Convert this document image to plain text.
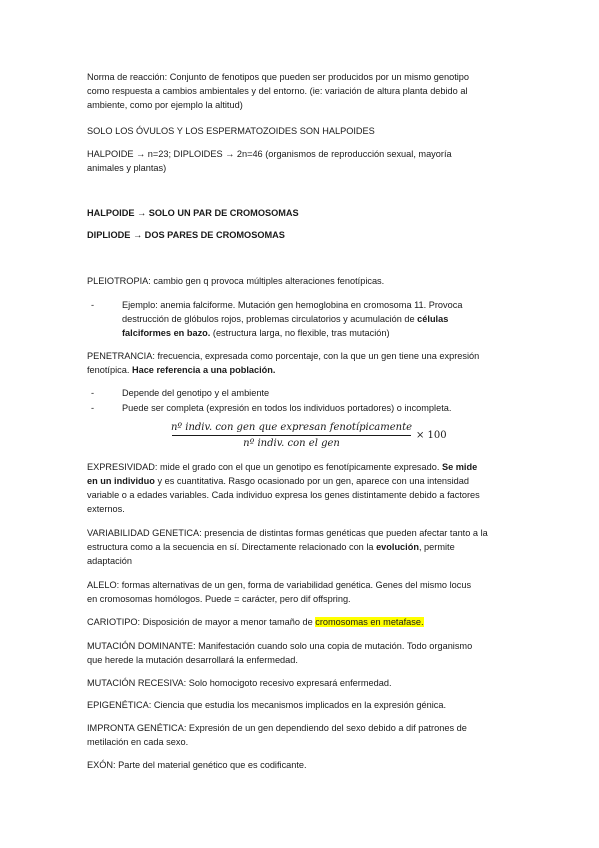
Norma de reacción: Conjunto de fenotipos que pueden ser producidos por un mismo genotipo
como respuesta a cambios ambientales y del entorno. (ie: variación de altura planta debido al
ambiente, como por ejemplo la altitud)

SOLO LOS ÓVULOS Y LOS ESPERMATOZOIDES SON HALPOIDES

HALPOIDE → n=23; DIPLOIDES → 2n=46 (organismos de reproducción sexual, mayoría
animales y plantas)

HALPOIDE → SOLO UN PAR DE CROMOSOMAS

DIPLIODE → DOS PARES DE CROMOSOMAS

PLEIOTROPIA: cambio gen q provoca múltiples alteraciones fenotípicas.

-	Ejemplo: anemia falciforme. Mutación gen hemoglobina en cromosoma 11. Provoca
destrucción de glóbulos rojos, problemas circulatorios y acumulación de células
falciformes en bazo. (estructura larga, no flexible, tras mutación)

PENETRANCIA: frecuencia, expresada como porcentaje, con la que un gen tiene una expresión
fenotípica. Hace referencia a una población.

-	Depende del genotipo y el ambiente

-	Puede ser completa (expresión en todos los individuos portadores) o incompleta.

nº indiv. con gen que expresan fenotípicamente
nº indiv. con el gen
× 100

EXPRESIVIDAD: mide el grado con el que un genotipo es fenotípicamente expresado. Se mide
en un individuo y es cuantitativa. Rasgo ocasionado por un gen, aparece con una intensidad
variable o a edades variables. Cada individuo expresa los genes distintamente debido a factores
externos.

VARIABILIDAD GENETICA: presencia de distintas formas genéticas que pueden afectar tanto a la
estructura como a la secuencia en sí. Directamente relacionado con la evolución, permite
adaptación

ALELO: formas alternativas de un gen, forma de variabilidad genética. Genes del mismo locus
en cromosomas homólogos. Puede = carácter, pero dif offspring.

CARIOTIPO: Disposición de mayor a menor tamaño de cromosomas en metafase.

MUTACIÓN DOMINANTE: Manifestación cuando solo una copia de mutación. Todo organismo
que herede la mutación desarrollará la enfermedad.

MUTACIÓN RECESIVA: Solo homocigoto recesivo expresará enfermedad.

EPIGENÉTICA: Ciencia que estudia los mecanismos implicados en la expresión génica.

IMPRONTA GENÉTICA: Expresión de un gen dependiendo del sexo debido a dif patrones de
metilación en cada sexo.

EXÓN: Parte del material genético que es codificante.
